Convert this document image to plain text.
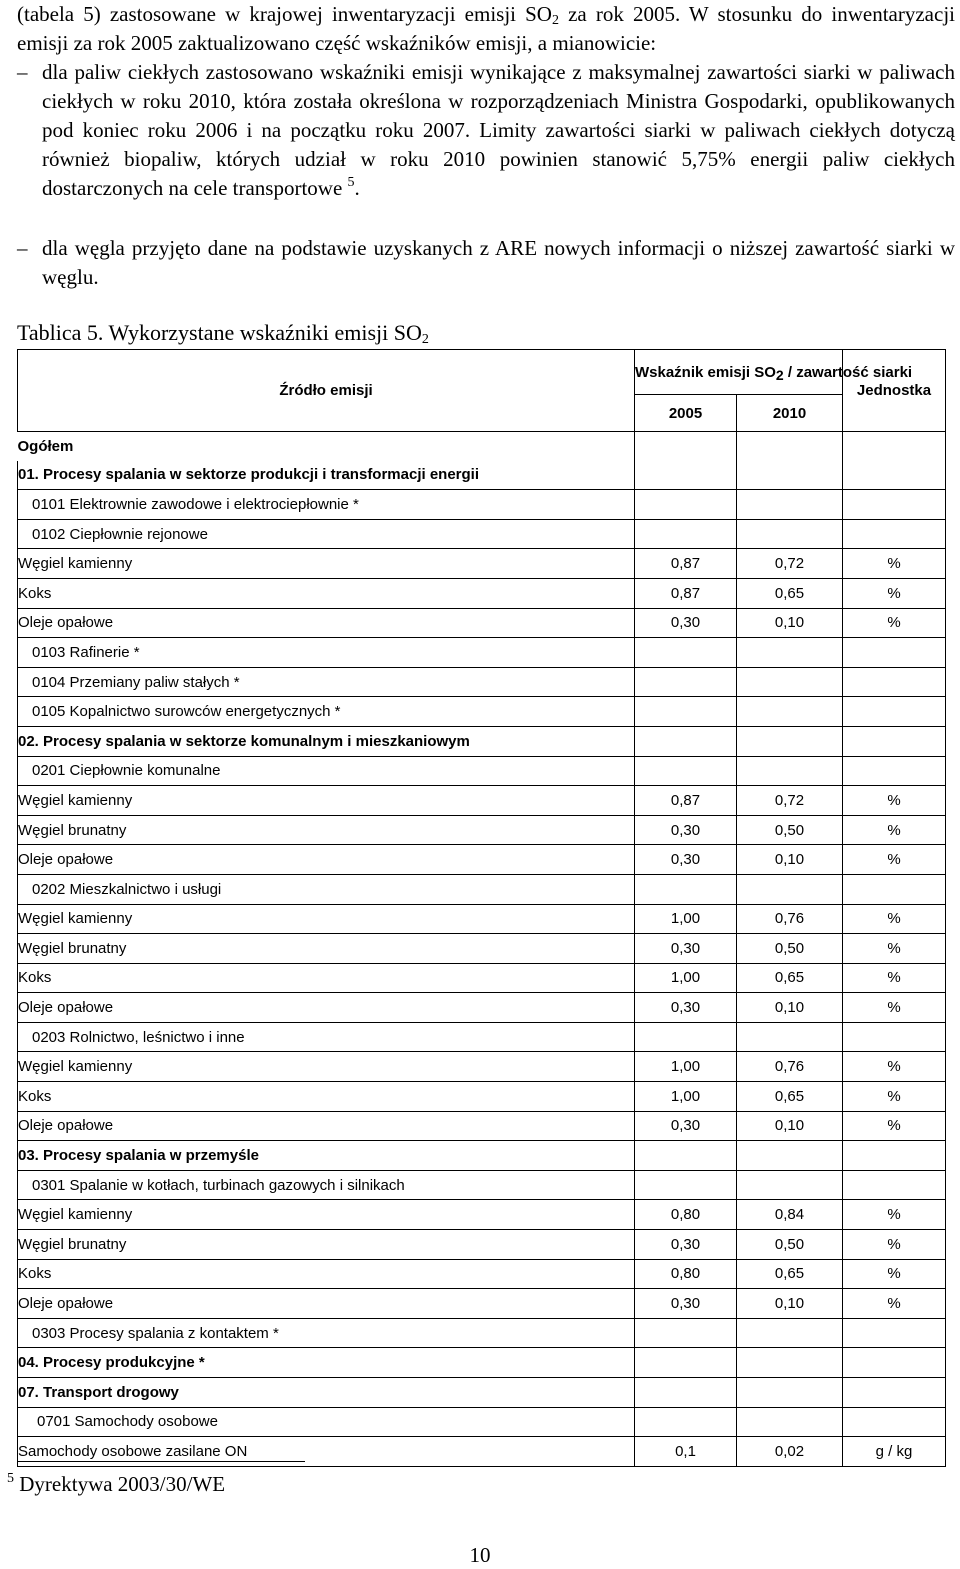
(tabela 5) zastosowane w krajowej inwentaryzacji emisji $SO_2$ za rok 2005. W stosunku do inwentaryzacji emisji za rok 2005 zaktualizowano część wskaźników emisji, a mianowicie:
– dla paliw ciekłych zastosowano wskaźniki emisji wynikające z maksymalnej zawartości siarki w paliwach ciekłych w roku 2010, która została określona w rozporządzeniach Ministra Gospodarki, opublikowanych pod koniec roku 2006 i na początku roku 2007. Limity zawartości siarki w paliwach ciekłych dotyczą również biopaliw, których udział w roku 2010 powinien stanowić 5,75% energii paliw ciekłych dostarczonych na cele transportowe $^5$.
– dla węgla przyjęto dane na podstawie uzyskanych z ARE nowych informacji o niższej zawartość siarki w węglu.
Tablica 5. Wykorzystane wskaźniki emisji $SO_2$
Źródło emisji	Wskaźnik emisji $SO_2$ / zawartość siarki		Jednostka
	2005	2010	
Ogółem			
01. Procesy spalania w sektorze produkcji i transformacji energii			
0101 Elektrownie zawodowe i elektrociepłownie *			
0102 Ciepłownie rejonowe			
Węgiel kamienny	0,87	0,72	%
Koks	0,87	0,65	%
Oleje opałowe	0,30	0,10	%
0103 Rafinerie *			
0104 Przemiany paliw stałych *			
0105 Kopalnictwo surowców energetycznych *			
02. Procesy spalania w sektorze komunalnym i mieszkaniowym			
0201 Ciepłownie komunalne			
Węgiel kamienny	0,87	0,72	%
Węgiel brunatny	0,30	0,50	%
Oleje opałowe	0,30	0,10	%
0202 Mieszkalnictwo i usługi			
Węgiel kamienny	1,00	0,76	%
Węgiel brunatny	0,30	0,50	%
Koks	1,00	0,65	%
Oleje opałowe	0,30	0,10	%
0203 Rolnictwo, leśnictwo i inne			
Węgiel kamienny	1,00	0,76	%
Koks	1,00	0,65	%
Oleje opałowe	0,30	0,10	%
03. Procesy spalania w przemyśle			
0301 Spalanie w kotłach, turbinach gazowych i silnikach			
Węgiel kamienny	0,80	0,84	%
Węgiel brunatny	0,30	0,50	%
Koks	0,80	0,65	%
Oleje opałowe	0,30	0,10	%
0303 Procesy spalania z kontaktem *			
04. Procesy produkcyjne *			
07. Transport drogowy			
0701 Samochody osobowe			
Samochody osobowe zasilane ON	0,1	0,02	g / kg
$^5$ Dyrektywa 2003/30/WE
10
